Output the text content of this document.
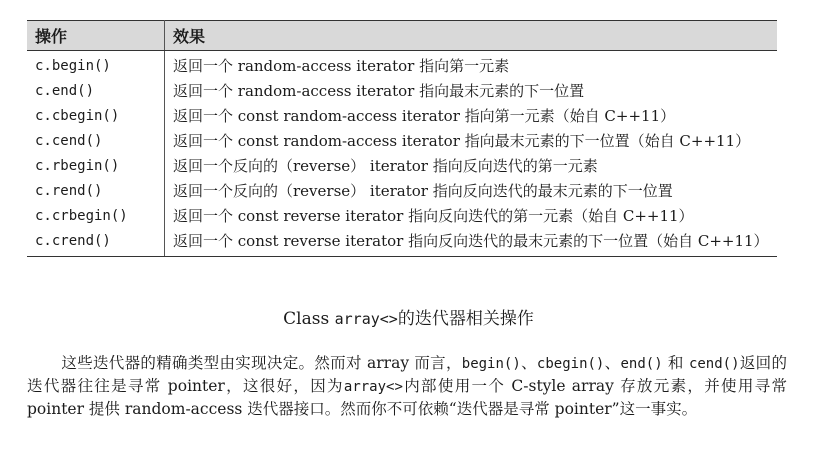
操作	效果
c.begin()	返回一个 random-access iterator 指向第一元素
c.end()	返回一个 random-access iterator 指向最末元素的下一位置
c.cbegin()	返回一个 const random-access iterator 指向第一元素（始自 C++11）
c.cend()	返回一个 const random-access iterator 指向最末元素的下一位置（始自 C++11）
c.rbegin()	返回一个反向的（reverse） iterator 指向反向迭代的第一元素
c.rend()	返回一个反向的（reverse） iterator 指向反向迭代的最末元素的下一位置
c.crbegin()	返回一个 const reverse iterator 指向反向迭代的第一元素（始自 C++11）
c.crend()	返回一个 const reverse iterator 指向反向迭代的最末元素的下一位置（始自 C++11）
Class array<>的迭代器相关操作

这些迭代器的精确类型由实现决定。然而对 array 而言，begin()、cbegin()、end() 和 cend()返回的迭代器往往是寻常 pointer，这很好，因为array<>内部使用一个 C-style array 存放元素，并使用寻常 pointer 提供 random-access 迭代器接口。然而你不可依赖“迭代器是寻常 pointer”这一事实。
